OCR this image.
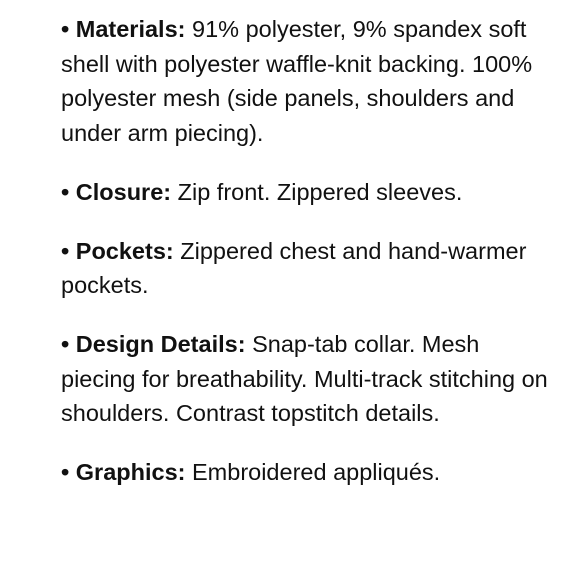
• Materials: 91% polyester, 9% spandex soft shell with polyester waffle-knit backing. 100% polyester mesh (side panels, shoulders and under arm piecing).
• Closure: Zip front. Zippered sleeves.
• Pockets: Zippered chest and hand-warmer pockets.
• Design Details: Snap-tab collar. Mesh piecing for breathability. Multi-track stitching on shoulders. Contrast topstitch details.
• Graphics: Embroidered appliqués.
